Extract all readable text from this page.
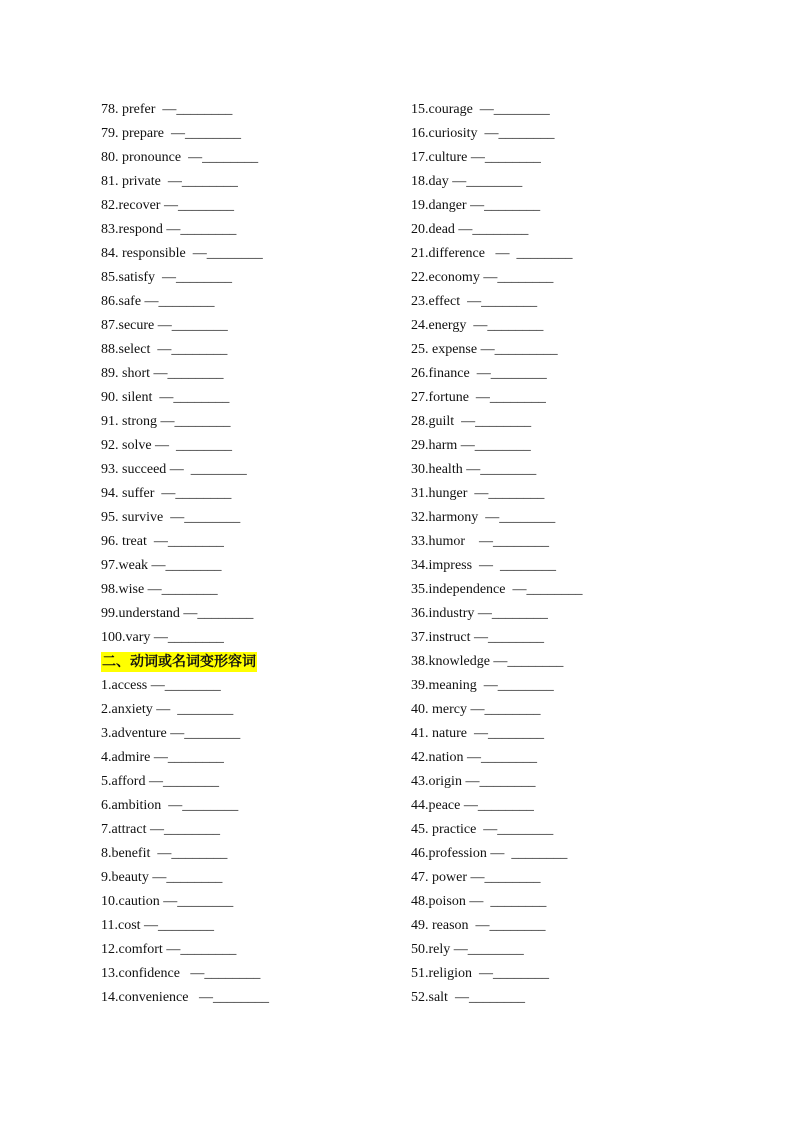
78. prefer  —________
79. prepare  —________
80. pronounce  —________
81. private  —________
82.recover —________
83.respond —________
84. responsible  —________
85.satisfy  —________
86.safe —________
87.secure —________
88.select  —________
89. short —________
90. silent  —________
91. strong —________
92. solve —  ________
93. succeed —  ________
94. suffer  —________
95. survive  —________
96. treat  —________
97.weak —________
98.wise —________
99.understand —________
100.vary —________
二、动词或名词变形容词
1.access —________
2.anxiety —  ________
3.adventure —________
4.admire —________
5.afford —________
6.ambition  —________
7.attract —________
8.benefit  —________
9.beauty —________
10.caution —________
11.cost —________
12.comfort —________
13.confidence   —________
14.convenience   —________
15.courage  —________
16.curiosity  —________
17.culture —________
18.day —________
19.danger —________
20.dead —________
21.difference   —  ________
22.economy —________
23.effect  —________
24.energy  —________
25. expense —_________
26.finance  —________
27.fortune  —________
28.guilt  —________
29.harm —________
30.health —________
31.hunger  —________
32.harmony  —________
33.humor    —________
34.impress  —  ________
35.independence  —________
36.industry —________
37.instruct —________
38.knowledge —________
39.meaning  —________
40. mercy —________
41. nature  —________
42.nation —________
43.origin —________
44.peace —________
45. practice  —________
46.profession —  ________
47. power —________
48.poison —  ________
49. reason  —________
50.rely —________
51.religion  —________
52.salt  —________
